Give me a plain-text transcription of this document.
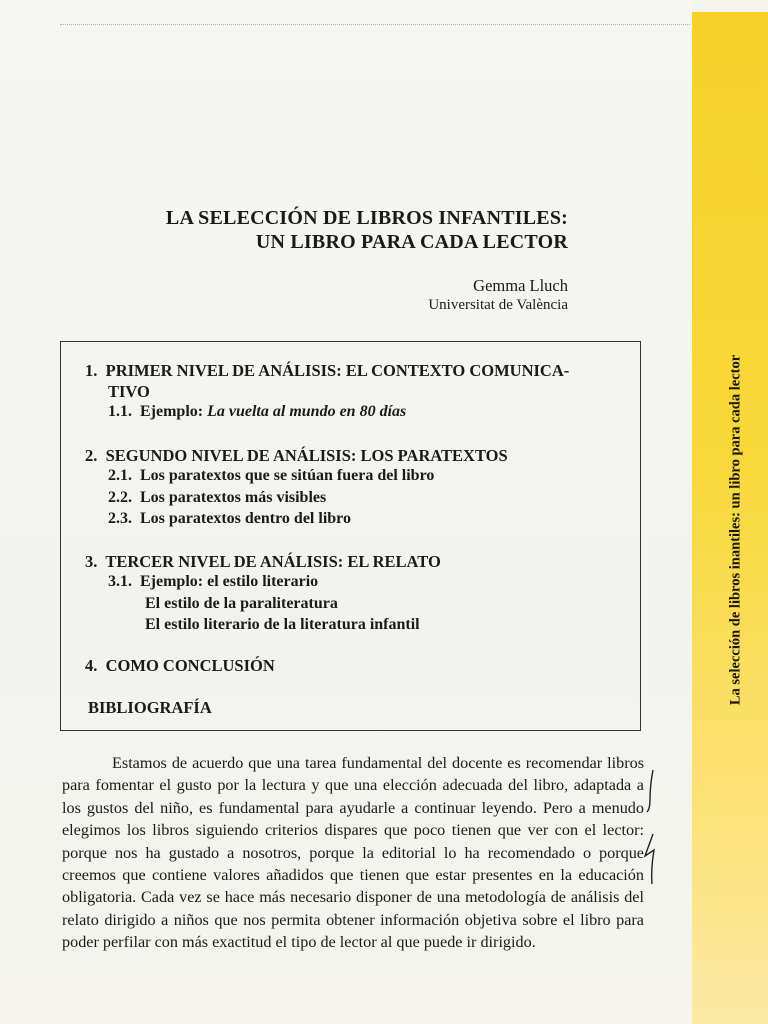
LA SELECCIÓN DE LIBROS INFANTILES:
UN LIBRO PARA CADA LECTOR
Gemma Lluch
Universitat de València
1. PRIMER NIVEL DE ANÁLISIS: EL CONTEXTO COMUNICA-
TIVO
1.1. Ejemplo: La vuelta al mundo en 80 días
2. SEGUNDO NIVEL DE ANÁLISIS: LOS PARATEXTOS
2.1. Los paratextos que se sitúan fuera del libro
2.2. Los paratextos más visibles
2.3. Los paratextos dentro del libro
3. TERCER NIVEL DE ANÁLISIS: EL RELATO
3.1. Ejemplo: el estilo literario
El estilo de la paraliteratura
El estilo literario de la literatura infantil
4. COMO CONCLUSIÓN
BIBLIOGRAFÍA

Estamos de acuerdo que una tarea fundamental del docente es recomendar libros para fomentar el gusto por la lectura y que una elección adecuada del libro, adaptada a los gustos del niño, es fundamental para ayudarle a continuar leyendo. Pero a menudo elegimos los libros siguiendo criterios dispares que poco tienen que ver con el lector: porque nos ha gustado a nosotros, porque la editorial lo ha recomendado o porque creemos que contiene valores añadidos que tienen que estar presentes en la educación obligatoria. Cada vez se hace más necesario disponer de una metodología de análisis del relato dirigido a niños que nos permita obtener información objetiva sobre el libro para poder perfilar con más exactitud el tipo de lector al que puede ir dirigido.

La selección de libros inantiles: un libro para cada lector
